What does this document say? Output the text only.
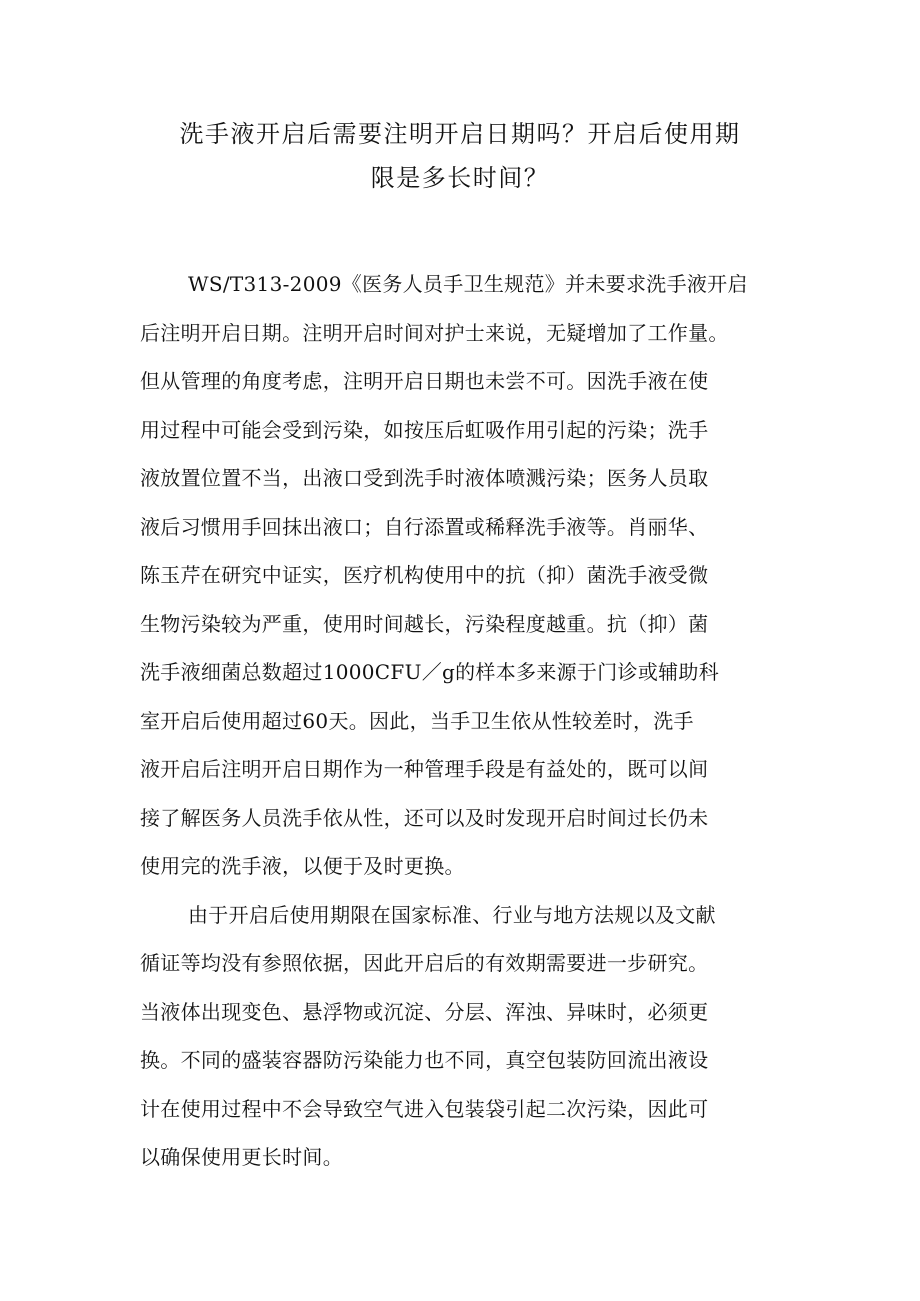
洗手液开启后需要注明开启日期吗？开启后使用期
限是多长时间？

WS/T313-2009《医务人员手卫生规范》并未要求洗手液开启
后注明开启日期。注明开启时间对护士来说，无疑增加了工作量。
但从管理的角度考虑，注明开启日期也未尝不可。因洗手液在使
用过程中可能会受到污染，如按压后虹吸作用引起的污染；洗手
液放置位置不当，出液口受到洗手时液体喷溅污染；医务人员取
液后习惯用手回抹出液口；自行添置或稀释洗手液等。肖丽华、
陈玉芹在研究中证实，医疗机构使用中的抗（抑）菌洗手液受微
生物污染较为严重，使用时间越长，污染程度越重。抗（抑）菌
洗手液细菌总数超过1000CFU／g的样本多来源于门诊或辅助科
室开启后使用超过60天。因此，当手卫生依从性较差时，洗手
液开启后注明开启日期作为一种管理手段是有益处的，既可以间
接了解医务人员洗手依从性，还可以及时发现开启时间过长仍未
使用完的洗手液，以便于及时更换。

由于开启后使用期限在国家标准、行业与地方法规以及文献
循证等均没有参照依据，因此开启后的有效期需要进一步研究。
当液体出现变色、悬浮物或沉淀、分层、浑浊、异味时，必须更
换。不同的盛装容器防污染能力也不同，真空包装防回流出液设
计在使用过程中不会导致空气进入包装袋引起二次污染，因此可
以确保使用更长时间。
